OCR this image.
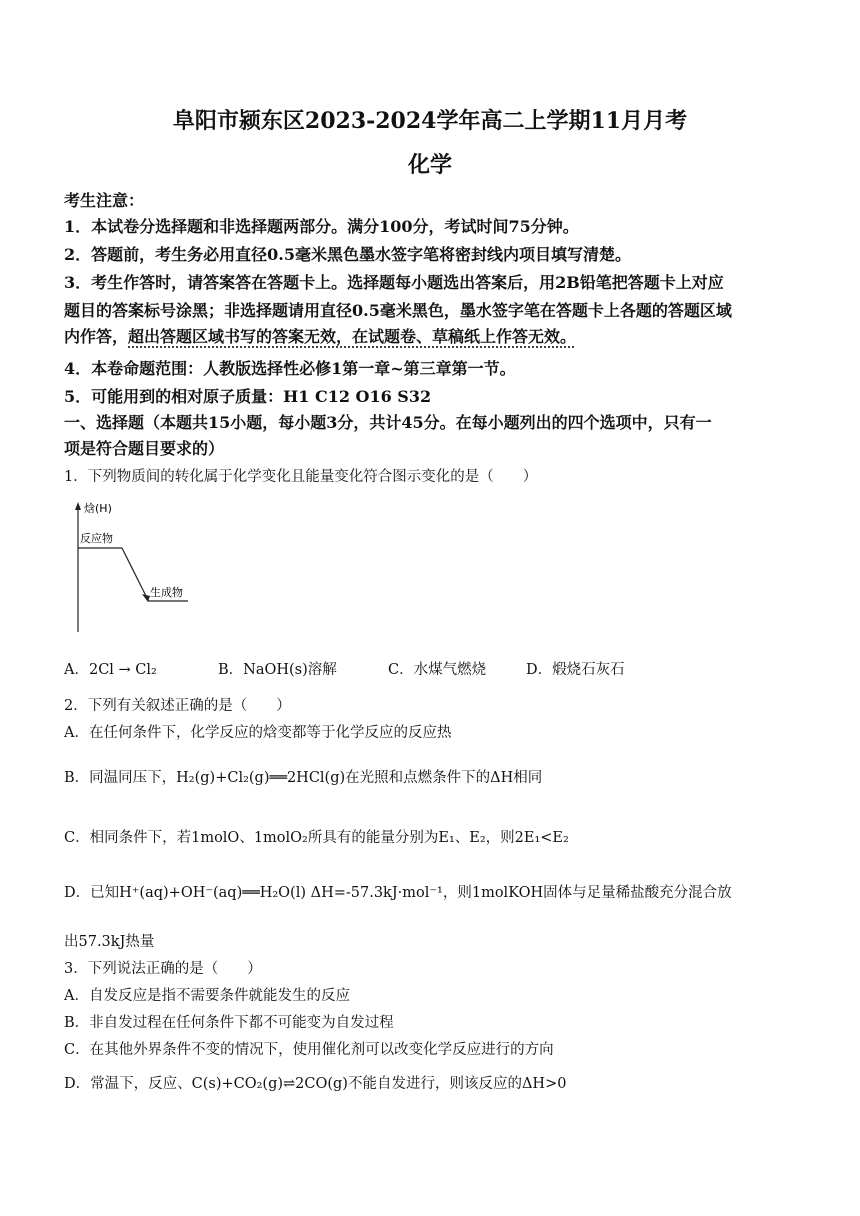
阜阳市颍东区2023-2024学年高二上学期11月月考
化学
考生注意：
1．本试卷分选择题和非选择题两部分。满分100分，考试时间75分钟。
2．答题前，考生务必用直径0.5毫米黑色墨水签字笔将密封线内项目填写清楚。
3．考生作答时，请答案答在答题卡上。选择题每小题选出答案后，用2B铅笔把答题卡上对应
题目的答案标号涂黑；非选择题请用直径0.5毫米黑色，墨水签字笔在答题卡上各题的答题区域
内作答，超出答题区域书写的答案无效，在试题卷、草稿纸上作答无效。
4．本卷命题范围：人教版选择性必修1第一章~第三章第一节。
5．可能用到的相对原子质量：H1 C12 O16 S32
一、选择题（本题共15小题，每小题3分，共计45分。在每小题列出的四个选项中，只有一
项是符合题目要求的）
1．下列物质间的转化属于化学变化且能量变化符合图示变化的是（　　）
焓(H)
反应物
生成物
A．2Cl → Cl₂	B．NaOH(s)溶解	C．水煤气燃烧	D．煅烧石灰石
2．下列有关叙述正确的是（　　）
A．在任何条件下，化学反应的焓变都等于化学反应的反应热
B．同温同压下，H₂(g)+Cl₂(g)══2HCl(g)在光照和点燃条件下的ΔH相同
C．相同条件下，若1molO、1molO₂所具有的能量分别为E₁、E₂，则2E₁<E₂
D．已知H⁺(aq)+OH⁻(aq)══H₂O(l) ΔH=-57.3kJ·mol⁻¹，则1molKOH固体与足量稀盐酸充分混合放
出57.3kJ热量
3．下列说法正确的是（　　）
A．自发反应是指不需要条件就能发生的反应
B．非自发过程在任何条件下都不可能变为自发过程
C．在其他外界条件不变的情况下，使用催化剂可以改变化学反应进行的方向
D．常温下，反应、C(s)+CO₂(g)⇌2CO(g)不能自发进行，则该反应的ΔH>0
